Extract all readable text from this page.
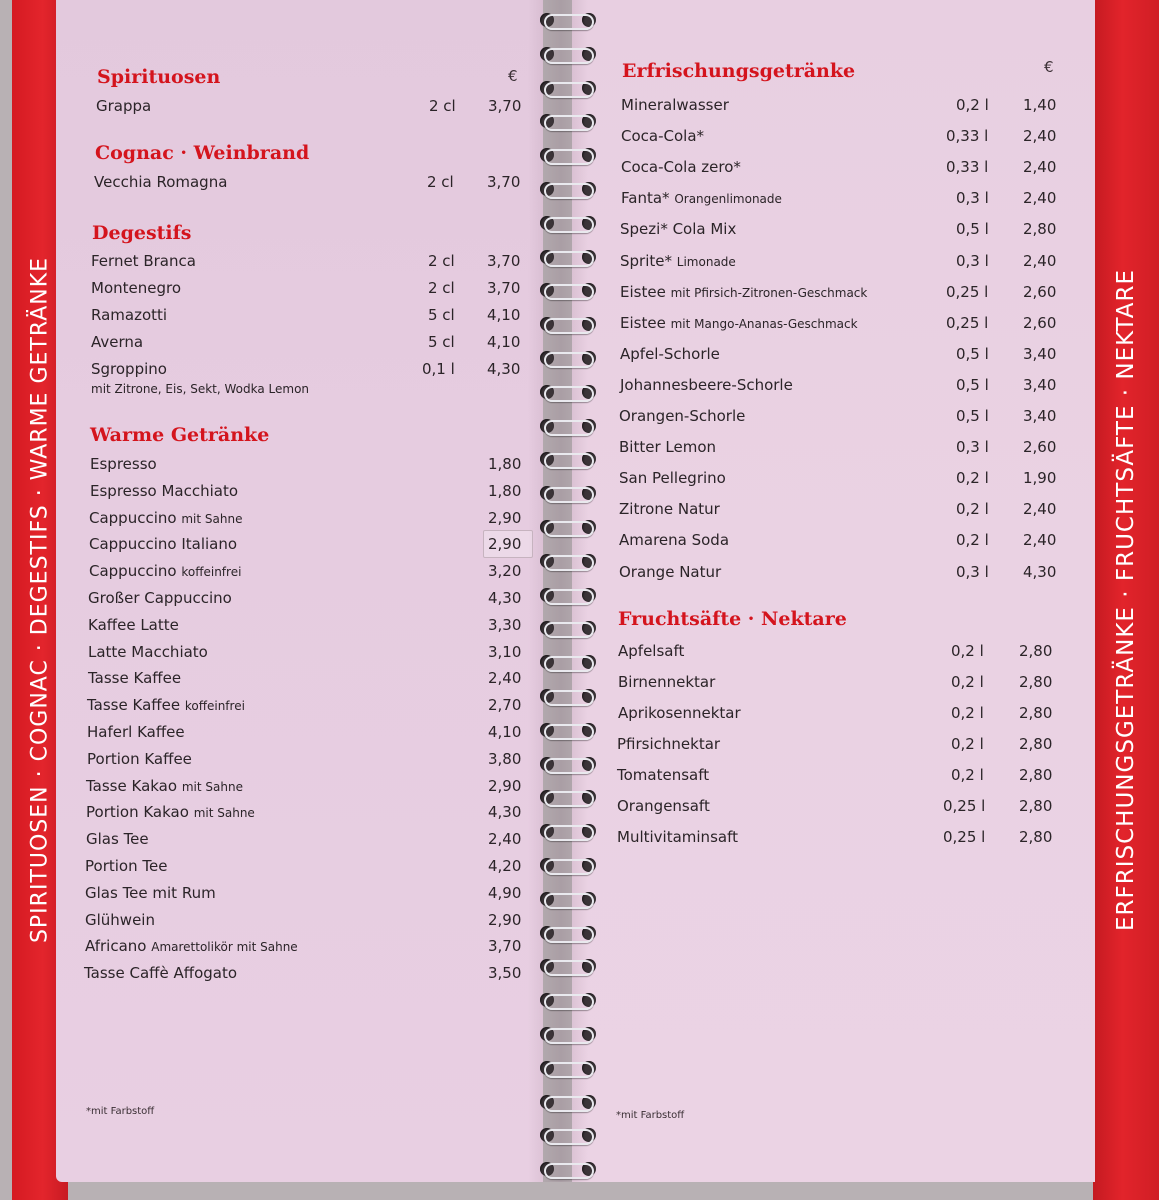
SPIRITUOSEN · COGNAC · DEGESTIFS · WARME GETRÄNKE	ERFRISCHUNGSGETRÄNKE · FRUCHTSÄFTE · NEKTARE
Spirituosen	€
Cognac · Weinbrand
Degestifs
mit Zitrone, Eis, Sekt, Wodka Lemon
Warme Getränke
*mit Farbstoff
Grappa	2 cl 3,70
Vecchia Romagna	2 cl 3,70
Fernet Branca	2 cl 3,70
Montenegro	2 cl 3,70
Ramazotti	5 cl 4,10
Averna	5 cl 4,10
Sgroppino	0,1 l 4,30
Espresso	1,80
Espresso Macchiato	1,80
Cappuccino mit Sahne	2,90
Cappuccino Italiano	2,90
Cappuccino koffeinfrei	3,20
Großer Cappuccino	4,30
Kaffee Latte	3,30
Latte Macchiato	3,10
Tasse Kaffee	2,40
Tasse Kaffee koffeinfrei	2,70
Haferl Kaffee	4,10
Portion Kaffee	3,80
Tasse Kakao mit Sahne	2,90
Portion Kakao mit Sahne	4,30
Glas Tee	2,40
Portion Tee	4,20
Glas Tee mit Rum	4,90
Glühwein	2,90
Africano Amarettolikör mit Sahne	3,70
Tasse Caffè Affogato	3,50
Erfrischungsgetränke	€
Fruchtsäfte · Nektare
*mit Farbstoff
Mineralwasser	0,2 l 1,40
Coca-Cola*	0,33 l 2,40
Coca-Cola zero*	0,33 l 2,40
Fanta* Orangenlimonade	0,3 l 2,40
Spezi* Cola Mix	0,5 l 2,80
Sprite* Limonade	0,3 l 2,40
Eistee mit Pfirsich-Zitronen-Geschmack	0,25 l 2,60
Eistee mit Mango-Ananas-Geschmack	0,25 l 2,60
Apfel-Schorle	0,5 l 3,40
Johannesbeere-Schorle	0,5 l 3,40
Orangen-Schorle	0,5 l 3,40
Bitter Lemon	0,3 l 2,60
San Pellegrino	0,2 l 1,90
Zitrone Natur	0,2 l 2,40
Amarena Soda	0,2 l 2,40
Orange Natur	0,3 l 4,30
Apfelsaft	0,2 l 2,80
Birnennektar	0,2 l 2,80
Aprikosennektar	0,2 l 2,80
Pfirsichnektar	0,2 l 2,80
Tomatensaft	0,2 l 2,80
Orangensaft	0,25 l 2,80
Multivitaminsaft	0,25 l 2,80
